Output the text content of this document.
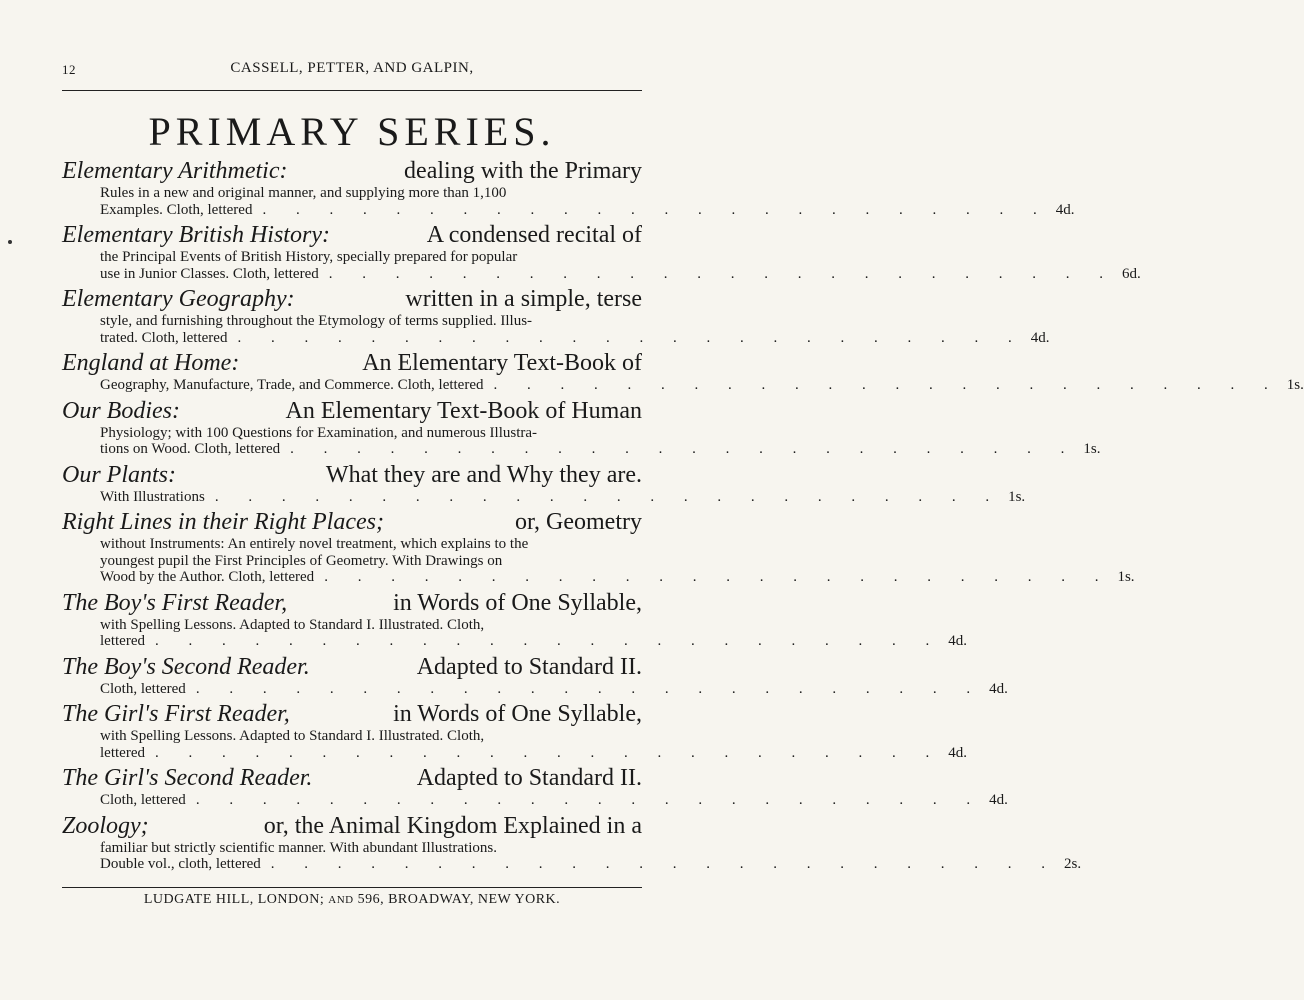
12	CASSELL, PETTER, AND GALPIN,
PRIMARY SERIES.
Elementary Arithmetic:	dealing with the Primary
Rules in a new and original manner, and supplying more than 1,100
Examples. Cloth, lettered . . . . . . . . . . . . . . . . . . . . . . . . 4d.
Elementary British History:	A condensed recital of
the Principal Events of British History, specially prepared for popular
use in Junior Classes. Cloth, lettered . . . . . . . . . . . . . . . . . . . . . . . . 6d.
Elementary Geography:	written in a simple, terse
style, and furnishing throughout the Etymology of terms supplied. Illus-
trated. Cloth, lettered . . . . . . . . . . . . . . . . . . . . . . . . 4d.
England at Home:	An Elementary Text-Book of
Geography, Manufacture, Trade, and Commerce. Cloth, lettered . . . . . . . . . . . . . . . . . . . . . . . . 1s.
Our Bodies:	An Elementary Text-Book of Human
Physiology; with 100 Questions for Examination, and numerous Illustra-
tions on Wood. Cloth, lettered . . . . . . . . . . . . . . . . . . . . . . . . 1s.
Our Plants:	What they are and Why they are.
With Illustrations . . . . . . . . . . . . . . . . . . . . . . . . 1s.
Right Lines in their Right Places;	or, Geometry
without Instruments: An entirely novel treatment, which explains to the
youngest pupil the First Principles of Geometry. With Drawings on
Wood by the Author. Cloth, lettered . . . . . . . . . . . . . . . . . . . . . . . . 1s.
The Boy's First Reader,	in Words of One Syllable,
with Spelling Lessons. Adapted to Standard I. Illustrated. Cloth,
lettered . . . . . . . . . . . . . . . . . . . . . . . . 4d.
The Boy's Second Reader.	Adapted to Standard II.
Cloth, lettered . . . . . . . . . . . . . . . . . . . . . . . . 4d.
The Girl's First Reader,	in Words of One Syllable,
with Spelling Lessons. Adapted to Standard I. Illustrated. Cloth,
lettered . . . . . . . . . . . . . . . . . . . . . . . . 4d.
The Girl's Second Reader.	Adapted to Standard II.
Cloth, lettered . . . . . . . . . . . . . . . . . . . . . . . . 4d.
Zoology;	or, the Animal Kingdom Explained in a
familiar but strictly scientific manner. With abundant Illustrations.
Double vol., cloth, lettered . . . . . . . . . . . . . . . . . . . . . . . . 2s.
LUDGATE HILL, LONDON; AND 596, BROADWAY, NEW YORK.
